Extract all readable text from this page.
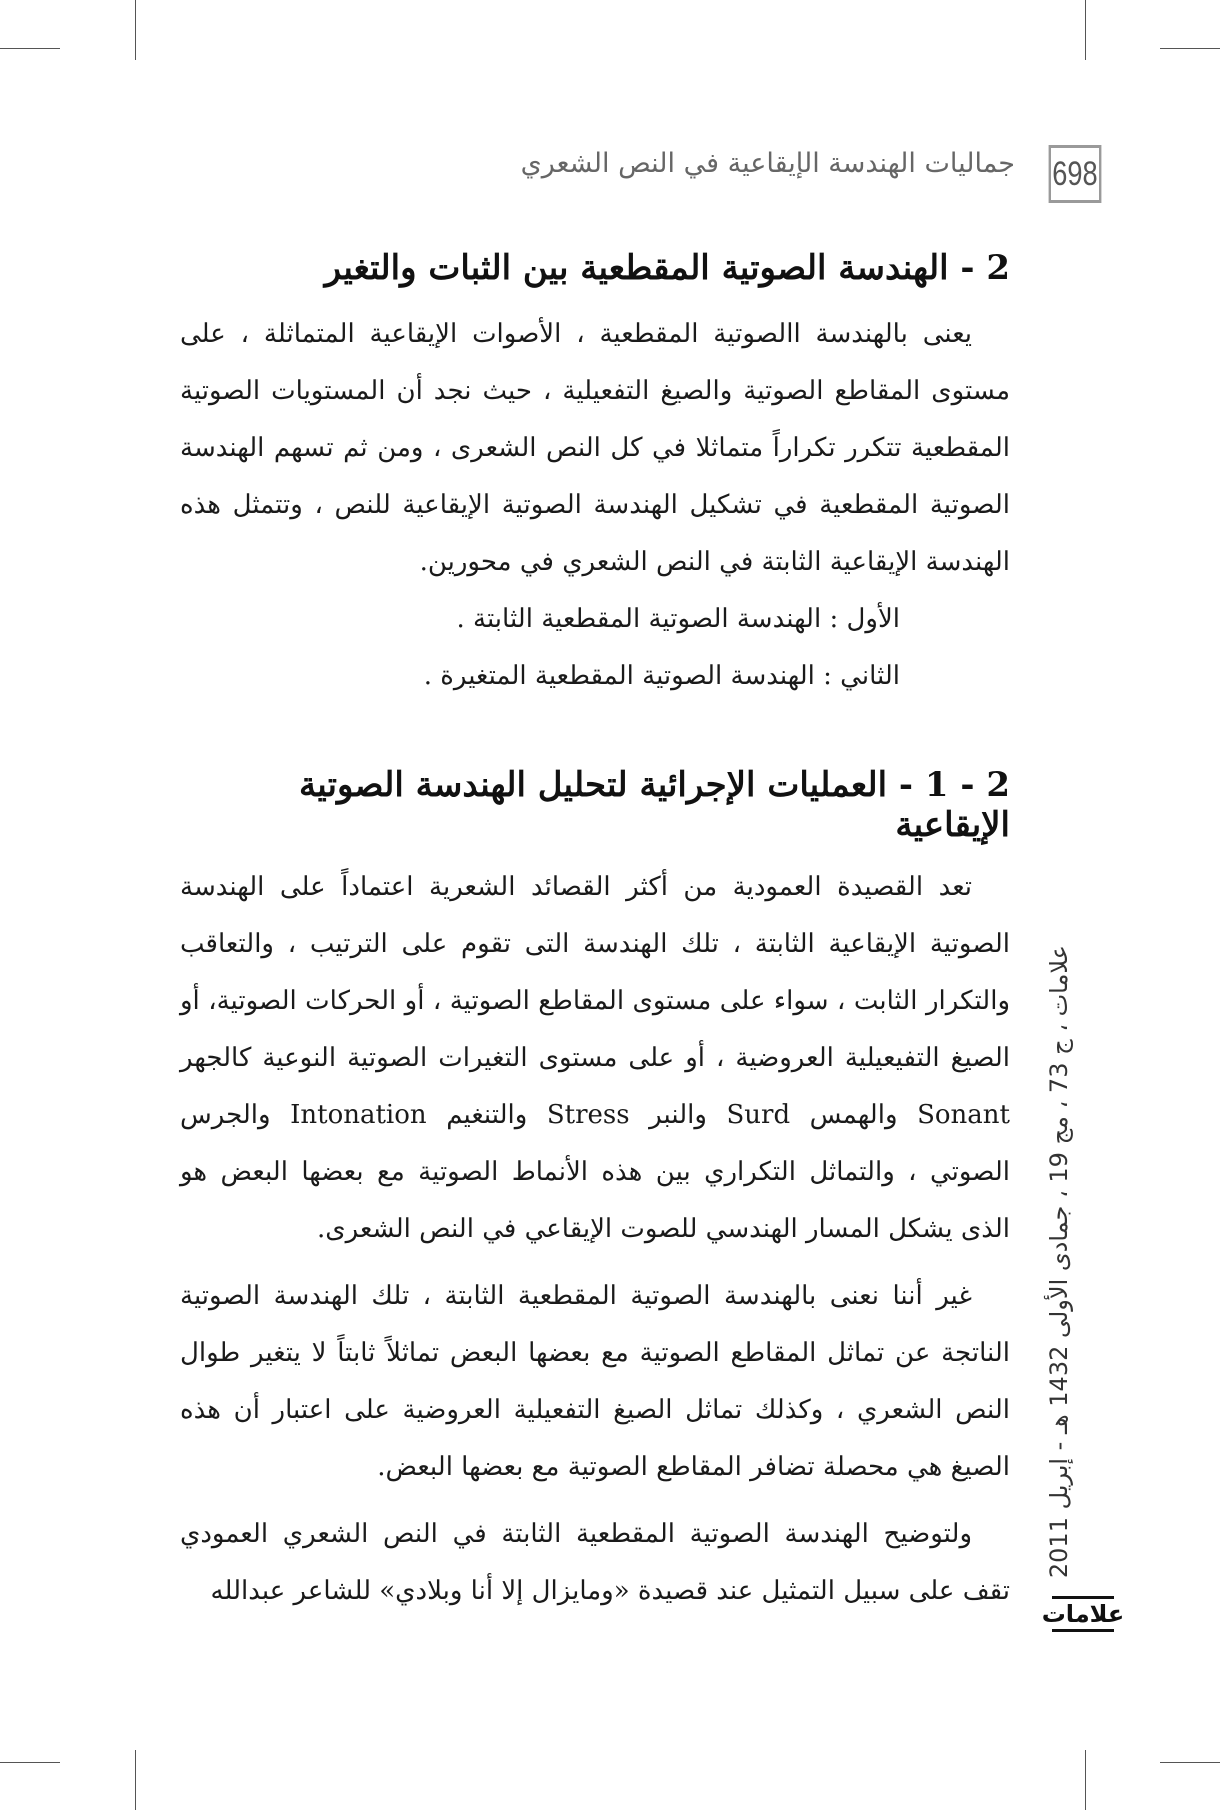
698
جماليات الهندسة الإيقاعية في النص الشعري
2 - الهندسة الصوتية المقطعية بين الثبات والتغير

يعنى بالهندسة االصوتية المقطعية ، الأصوات الإيقاعية المتماثلة ، على مستوى المقاطع الصوتية والصيغ التفعيلية ، حيث نجد أن المستويات الصوتية المقطعية تتكرر تكراراً متماثلا في كل النص الشعرى ، ومن ثم تسهم الهندسة الصوتية المقطعية في تشكيل الهندسة الصوتية الإيقاعية للنص ، وتتمثل هذه الهندسة الإيقاعية الثابتة في النص الشعري في محورين.

الأول : الهندسة الصوتية المقطعية الثابتة .
الثاني : الهندسة الصوتية المقطعية المتغيرة .
2 - 1 - العمليات الإجرائية لتحليل الهندسة الصوتية الإيقاعية

تعد القصيدة العمودية من أكثر القصائد الشعرية اعتماداً على الهندسة الصوتية الإيقاعية الثابتة ، تلك الهندسة التى تقوم على الترتيب ، والتعاقب والتكرار الثابت ، سواء على مستوى المقاطع الصوتية ، أو الحركات الصوتية، أو الصيغ التفيعيلية العروضية ، أو على مستوى التغيرات الصوتية النوعية كالجهر Sonant والهمس Surd والنبر Stress والتنغيم Intonation والجرس الصوتي ، والتماثل التكراري بين هذه الأنماط الصوتية مع بعضها البعض هو الذى يشكل المسار الهندسي للصوت الإيقاعي في النص الشعرى.

غير أننا نعنى بالهندسة الصوتية المقطعية الثابتة ، تلك الهندسة الصوتية الناتجة عن تماثل المقاطع الصوتية مع بعضها البعض تماثلاً ثابتاً لا يتغير طوال النص الشعري ، وكذلك تماثل الصيغ التفعيلية العروضية على اعتبار أن هذه الصيغ هي محصلة تضافر المقاطع الصوتية مع بعضها البعض.

ولتوضيح الهندسة الصوتية المقطعية الثابتة في النص الشعري العمودي تقف على سبيل التمثيل عند قصيدة «ومايزال إلا أنا وبلادي» للشاعر عبدالله

علامات ، ج 73 ، مج 19 ، جمادى الأولى 1432 هـ - إبريل 2011
علامات
